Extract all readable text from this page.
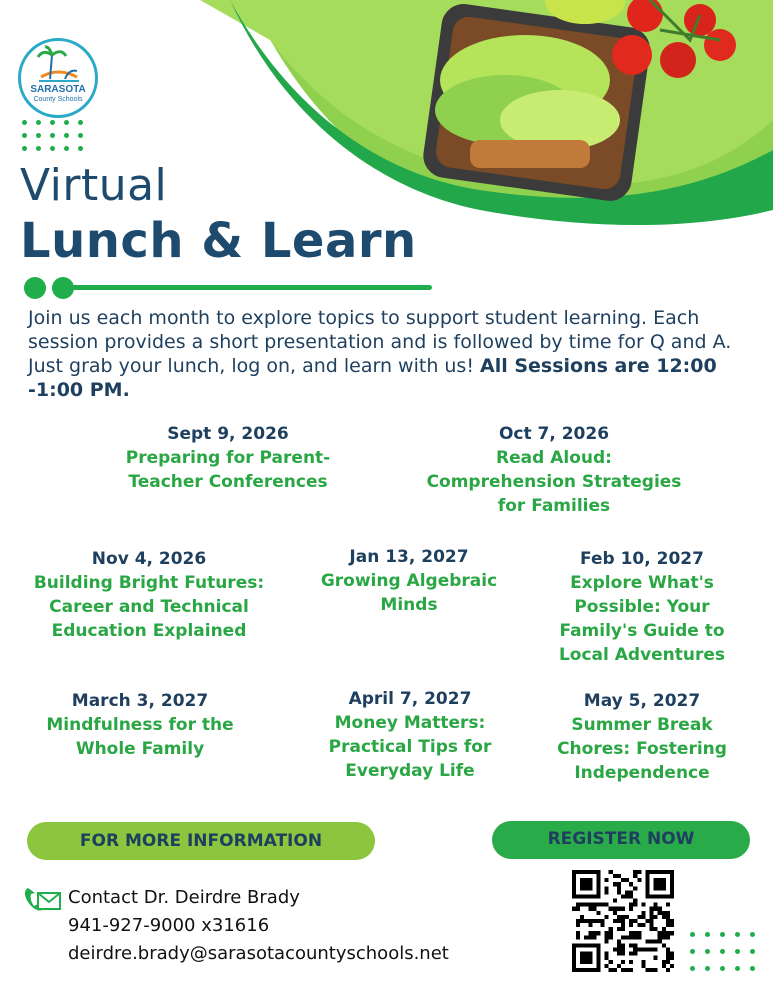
SARASOTA
County Schools
Virtual
Lunch & Learn
Join us each month to explore topics to support student learning. Each session provides a short presentation and is followed by time for Q and A. Just grab your lunch, log on, and learn with us! All Sessions are 12:00 -1:00 PM.
Sept 9, 2026
Preparing for Parent-
Teacher Conferences
Oct 7, 2026
Read Aloud:
Comprehension Strategies
for Families
Nov 4, 2026
Building Bright Futures:
Career and Technical
Education Explained
Jan 13, 2027
Growing Algebraic
Minds
Feb 10, 2027
Explore What's
Possible: Your
Family's Guide to
Local Adventures
March 3, 2027
Mindfulness for the
Whole Family
April 7, 2027
Money Matters:
Practical Tips for
Everyday Life
May 5, 2027
Summer Break
Chores: Fostering
Independence
FOR MORE INFORMATION	REGISTER NOW
Contact Dr. Deirdre Brady
941-927-9000 x31616
deirdre.brady@sarasotacountyschools.net
